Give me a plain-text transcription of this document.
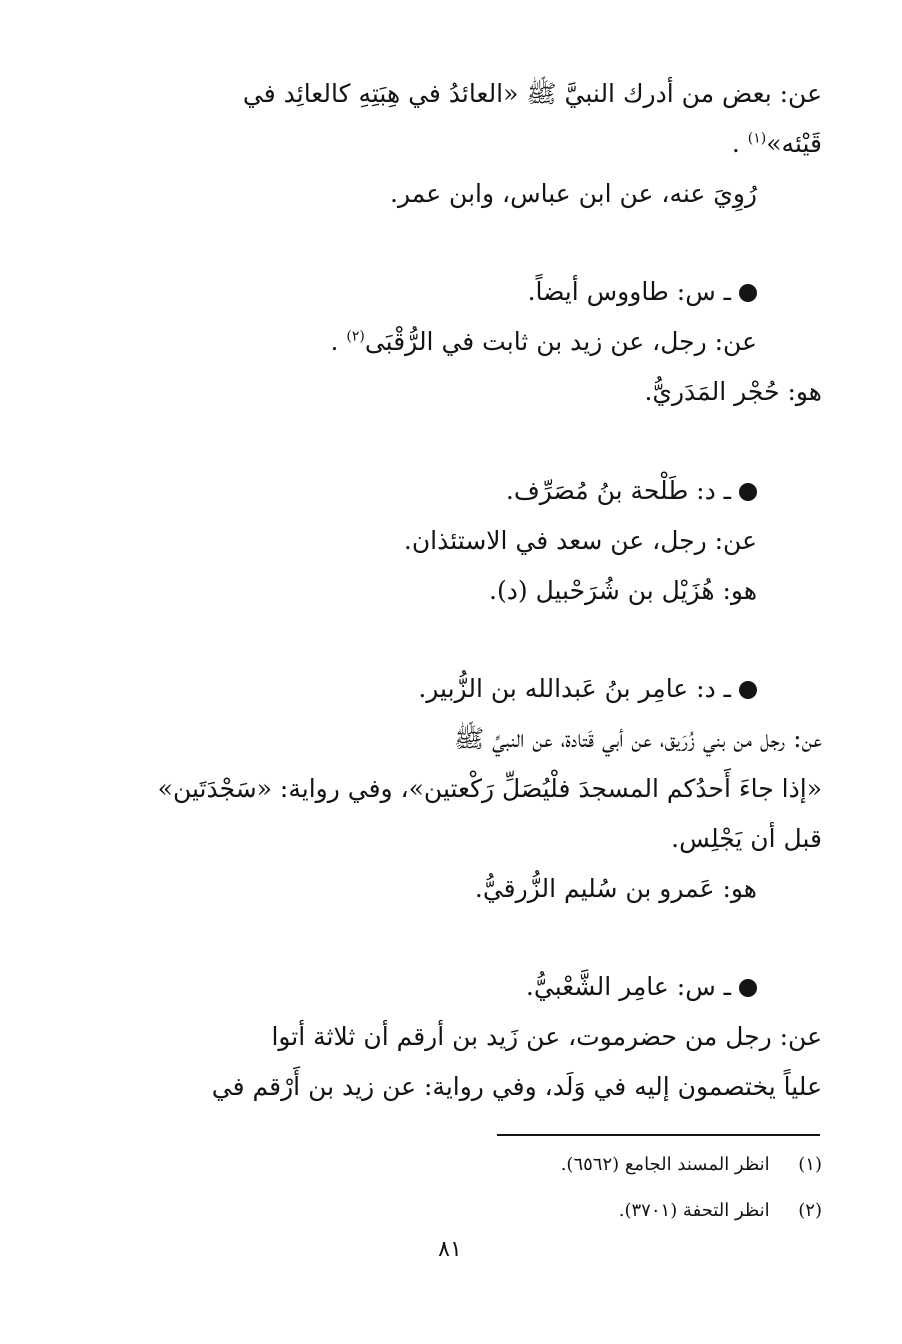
عن: بعض من أدرك النبيَّ ﷺ «العائدُ في هِبَتِهِ كالعائِد في
قَيْئه»$^{(١)}$ .
رُوِيَ عنه، عن ابن عباس، وابن عمر.
ـ س: طاووس أيضاً.
عن: رجل، عن زيد بن ثابت في الرُّقْبَى$^{(٢)}$ .
هو: حُجْر المَدَريُّ.
ـ د: طَلْحة بنُ مُصَرِّف.
عن: رجل، عن سعد في الاستئذان.
هو: هُزَيْل بن شُرَحْبيل (د).
ـ د: عامِر بنُ عَبدالله بن الزُّبير.
عن: رجل من بني زُرَيق، عن أبي قَتادة، عن النبيِّ ﷺ
«إذا جاءَ أَحدُكم المسجدَ فلْيُصَلِّ رَكْعتين»، وفي رواية: «سَجْدَتَين»
قبل أن يَجْلِس.
هو: عَمرو بن سُليم الزُّرقيُّ.
ـ س: عامِر الشَّعْبيُّ.
عن: رجل من حضرموت، عن زَيد بن أرقم أن ثلاثة أتوا
علياً يختصمون إليه في وَلَد، وفي رواية: عن زيد بن أَرْقم في
(١)     انظر المسند الجامع (٦٥٦٢).
(٢)     انظر التحفة (٣٧٠١).
٨١
